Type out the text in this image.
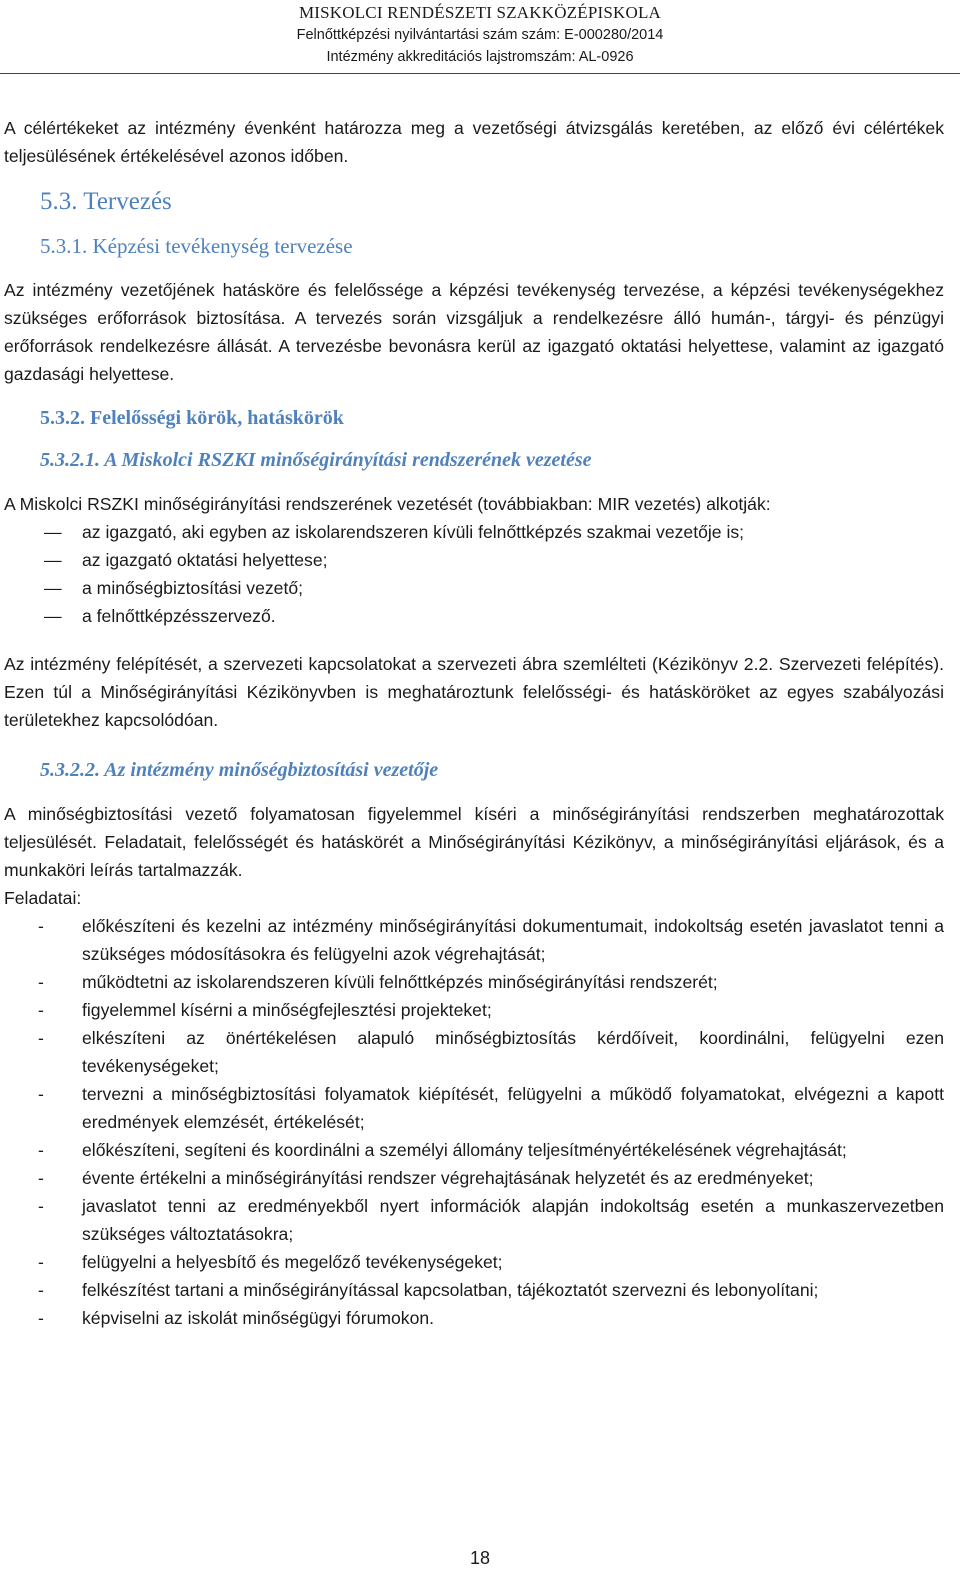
MISKOLCI RENDÉSZETI SZAKKÖZÉPISKOLA
Felnőttképzési nyilvántartási szám szám: E-000280/2014
Intézmény akkreditációs lajstromszám: AL-0926

A célértékeket az intézmény évenként határozza meg a vezetőségi átvizsgálás keretében, az előző évi célértékek teljesülésének értékelésével azonos időben.

5.3. Tervezés
5.3.1. Képzési tevékenység tervezése

Az intézmény vezetőjének hatásköre és felelőssége a képzési tevékenység tervezése, a képzési tevékenységekhez szükséges erőforrások biztosítása. A tervezés során vizsgáljuk a rendelkezésre álló humán-, tárgyi- és pénzügyi erőforrások rendelkezésre állását. A tervezésbe bevonásra kerül az igazgató oktatási helyettese, valamint az igazgató gazdasági helyettese.

5.3.2. Felelősségi körök, hatáskörök
5.3.2.1. A Miskolci RSZKI minőségirányítási rendszerének vezetése

A Miskolci RSZKI minőségirányítási rendszerének vezetését (továbbiakban: MIR vezetés) alkotják:

— az igazgató, aki egyben az iskolarendszeren kívüli felnőttképzés szakmai vezetője is;
— az igazgató oktatási helyettese;
— a minőségbiztosítási vezető;
— a felnőttképzésszervező.

Az intézmény felépítését, a szervezeti kapcsolatokat a szervezeti ábra szemlélteti (Kézikönyv 2.2. Szervezeti felépítés). Ezen túl a Minőségirányítási Kézikönyvben is meghatároztunk felelősségi- és hatásköröket az egyes szabályozási területekhez kapcsolódóan.

5.3.2.2. Az intézmény minőségbiztosítási vezetője

A minőségbiztosítási vezető folyamatosan figyelemmel kíséri a minőségirányítási rendszerben meghatározottak teljesülését. Feladatait, felelősségét és hatáskörét a Minőségirányítási Kézikönyv, a minőségirányítási eljárások, és a munkaköri leírás tartalmazzák.

Feladatai:

- előkészíteni és kezelni az intézmény minőségirányítási dokumentumait, indokoltság esetén javaslatot tenni a szükséges módosításokra és felügyelni azok végrehajtását;
- működtetni az iskolarendszeren kívüli felnőttképzés minőségirányítási rendszerét;
- figyelemmel kísérni a minőségfejlesztési projekteket;
- elkészíteni az önértékelésen alapuló minőségbiztosítás kérdőíveit, koordinálni, felügyelni ezen tevékenységeket;
- tervezni a minőségbiztosítási folyamatok kiépítését, felügyelni a működő folyamatokat, elvégezni a kapott eredmények elemzését, értékelését;
- előkészíteni, segíteni és koordinálni a személyi állomány teljesítményértékelésének végrehajtását;
- évente értékelni a minőségirányítási rendszer végrehajtásának helyzetét és az eredményeket;
- javaslatot tenni az eredményekből nyert információk alapján indokoltság esetén a munkaszervezetben szükséges változtatásokra;
- felügyelni a helyesbítő és megelőző tevékenységeket;
- felkészítést tartani a minőségirányítással kapcsolatban, tájékoztatót szervezni és lebonyolítani;
- képviselni az iskolát minőségügyi fórumokon.
18
